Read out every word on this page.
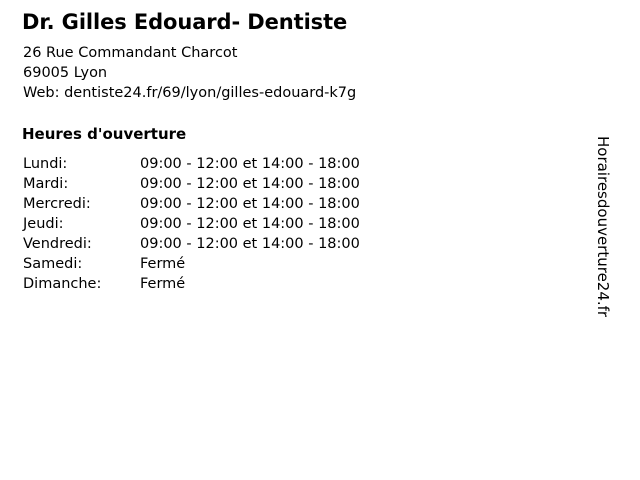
Dr. Gilles Edouard- Dentiste
26 Rue Commandant Charcot
69005 Lyon
Web: dentiste24.fr/69/lyon/gilles-edouard-k7g
Heures d'ouverture
Lundi:	09:00 - 12:00 et 14:00 - 18:00
Mardi:	09:00 - 12:00 et 14:00 - 18:00
Mercredi:	09:00 - 12:00 et 14:00 - 18:00
Jeudi:	09:00 - 12:00 et 14:00 - 18:00
Vendredi:	09:00 - 12:00 et 14:00 - 18:00
Samedi:	Fermé
Dimanche:	Fermé	Horairesdouverture24.fr
